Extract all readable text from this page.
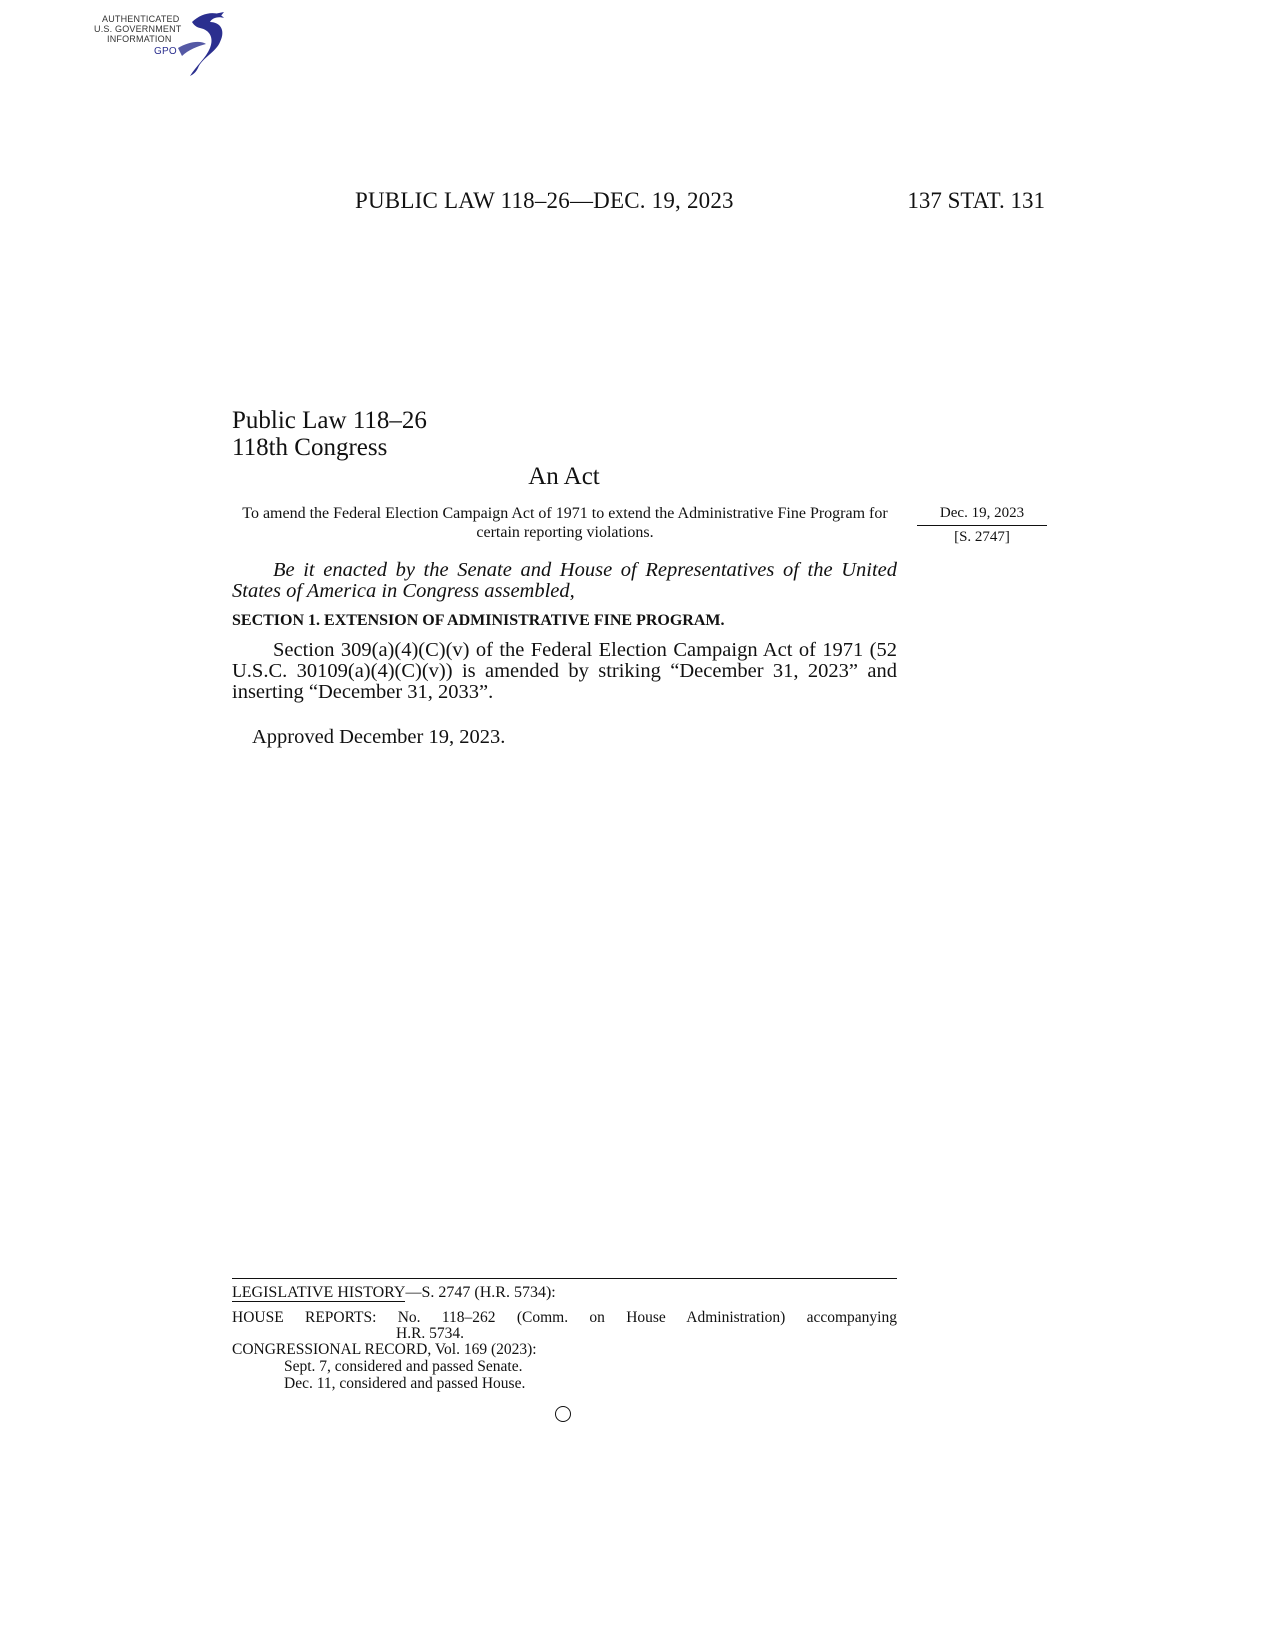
AUTHENTICATED
U.S. GOVERNMENT
INFORMATION
GPO
PUBLIC LAW 118–26—DEC. 19, 2023	137 STAT. 131
Public Law 118–26
118th Congress
An Act
To amend the Federal Election Campaign Act of 1971 to extend the Administrative Fine Program for certain reporting violations.
Dec. 19, 2023
[S. 2747]

Be it enacted by the Senate and House of Representatives of the United States of America in Congress assembled,

SECTION 1. EXTENSION OF ADMINISTRATIVE FINE PROGRAM.

Section 309(a)(4)(C)(v) of the Federal Election Campaign Act of 1971 (52 U.S.C. 30109(a)(4)(C)(v)) is amended by striking “December 31, 2023” and inserting “December 31, 2033”.

Approved December 19, 2023.
LEGISLATIVE HISTORY—S. 2747 (H.R. 5734):
HOUSE REPORTS: No. 118–262 (Comm. on House Administration) accompanying
H.R. 5734.
CONGRESSIONAL RECORD, Vol. 169 (2023):
Sept. 7, considered and passed Senate.
Dec. 11, considered and passed House.
